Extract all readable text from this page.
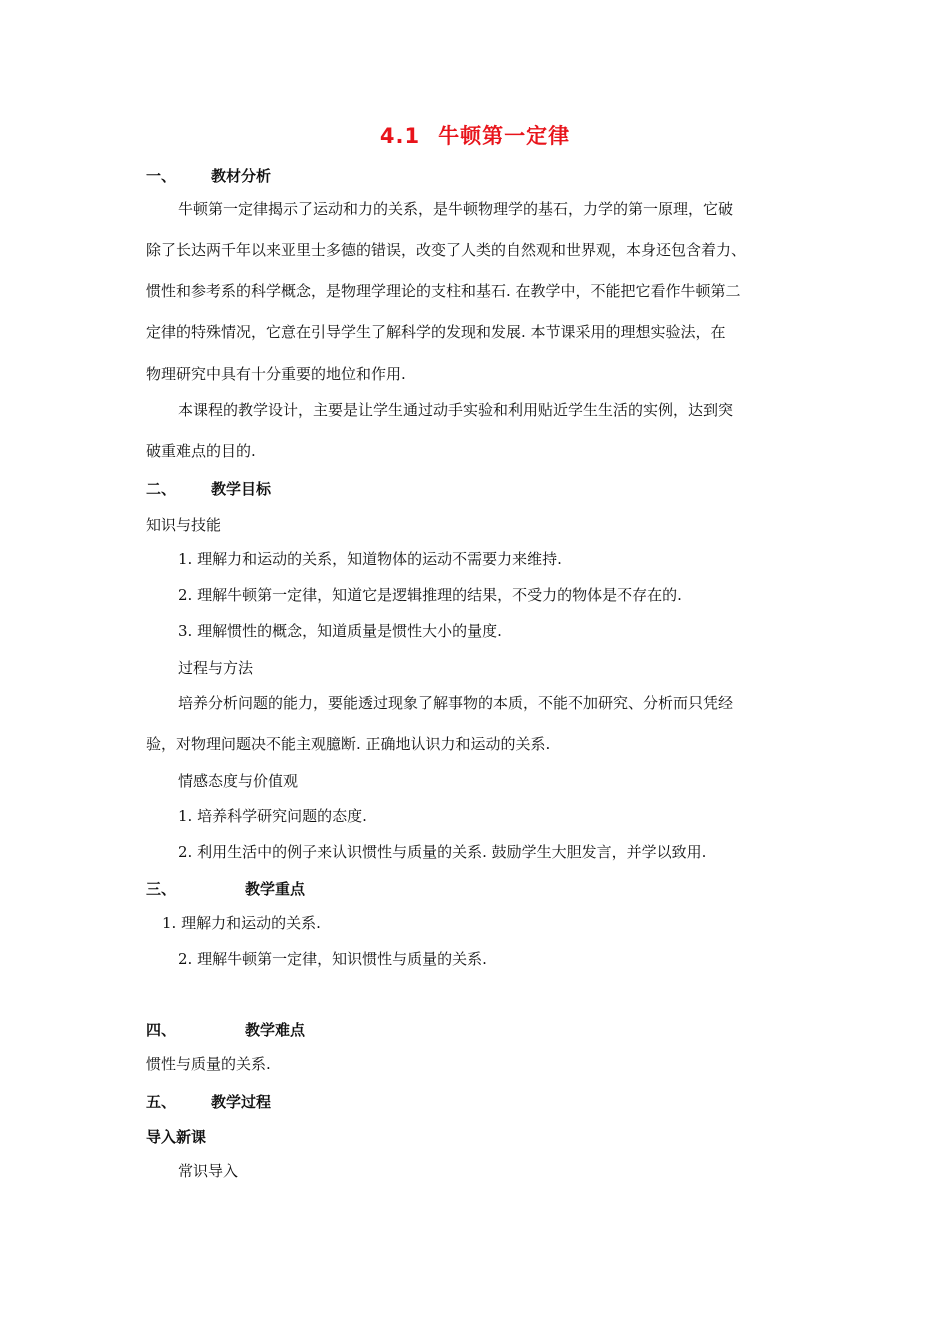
4.1 牛顿第一定律
一、 教材分析
牛顿第一定律揭示了运动和力的关系，是牛顿物理学的基石，力学的第一原理，它破
除了长达两千年以来亚里士多德的错误，改变了人类的自然观和世界观，本身还包含着力、
惯性和参考系的科学概念，是物理学理论的支柱和基石. 在教学中，不能把它看作牛顿第二
定律的特殊情况，它意在引导学生了解科学的发现和发展. 本节课采用的理想实验法，在
物理研究中具有十分重要的地位和作用.
本课程的教学设计，主要是让学生通过动手实验和利用贴近学生生活的实例，达到突
破重难点的目的.
二、 教学目标
知识与技能
1. 理解力和运动的关系，知道物体的运动不需要力来维持.
2. 理解牛顿第一定律，知道它是逻辑推理的结果，不受力的物体是不存在的.
3. 理解惯性的概念，知道质量是惯性大小的量度.
过程与方法
培养分析问题的能力，要能透过现象了解事物的本质，不能不加研究、分析而只凭经
验，对物理问题决不能主观臆断. 正确地认识力和运动的关系.
情感态度与价值观
1. 培养科学研究问题的态度.
2. 利用生活中的例子来认识惯性与质量的关系. 鼓励学生大胆发言，并学以致用.
三、	教学重点
1. 理解力和运动的关系.
2. 理解牛顿第一定律，知识惯性与质量的关系.
四、	教学难点
惯性与质量的关系.
五、 教学过程
导入新课
常识导入
